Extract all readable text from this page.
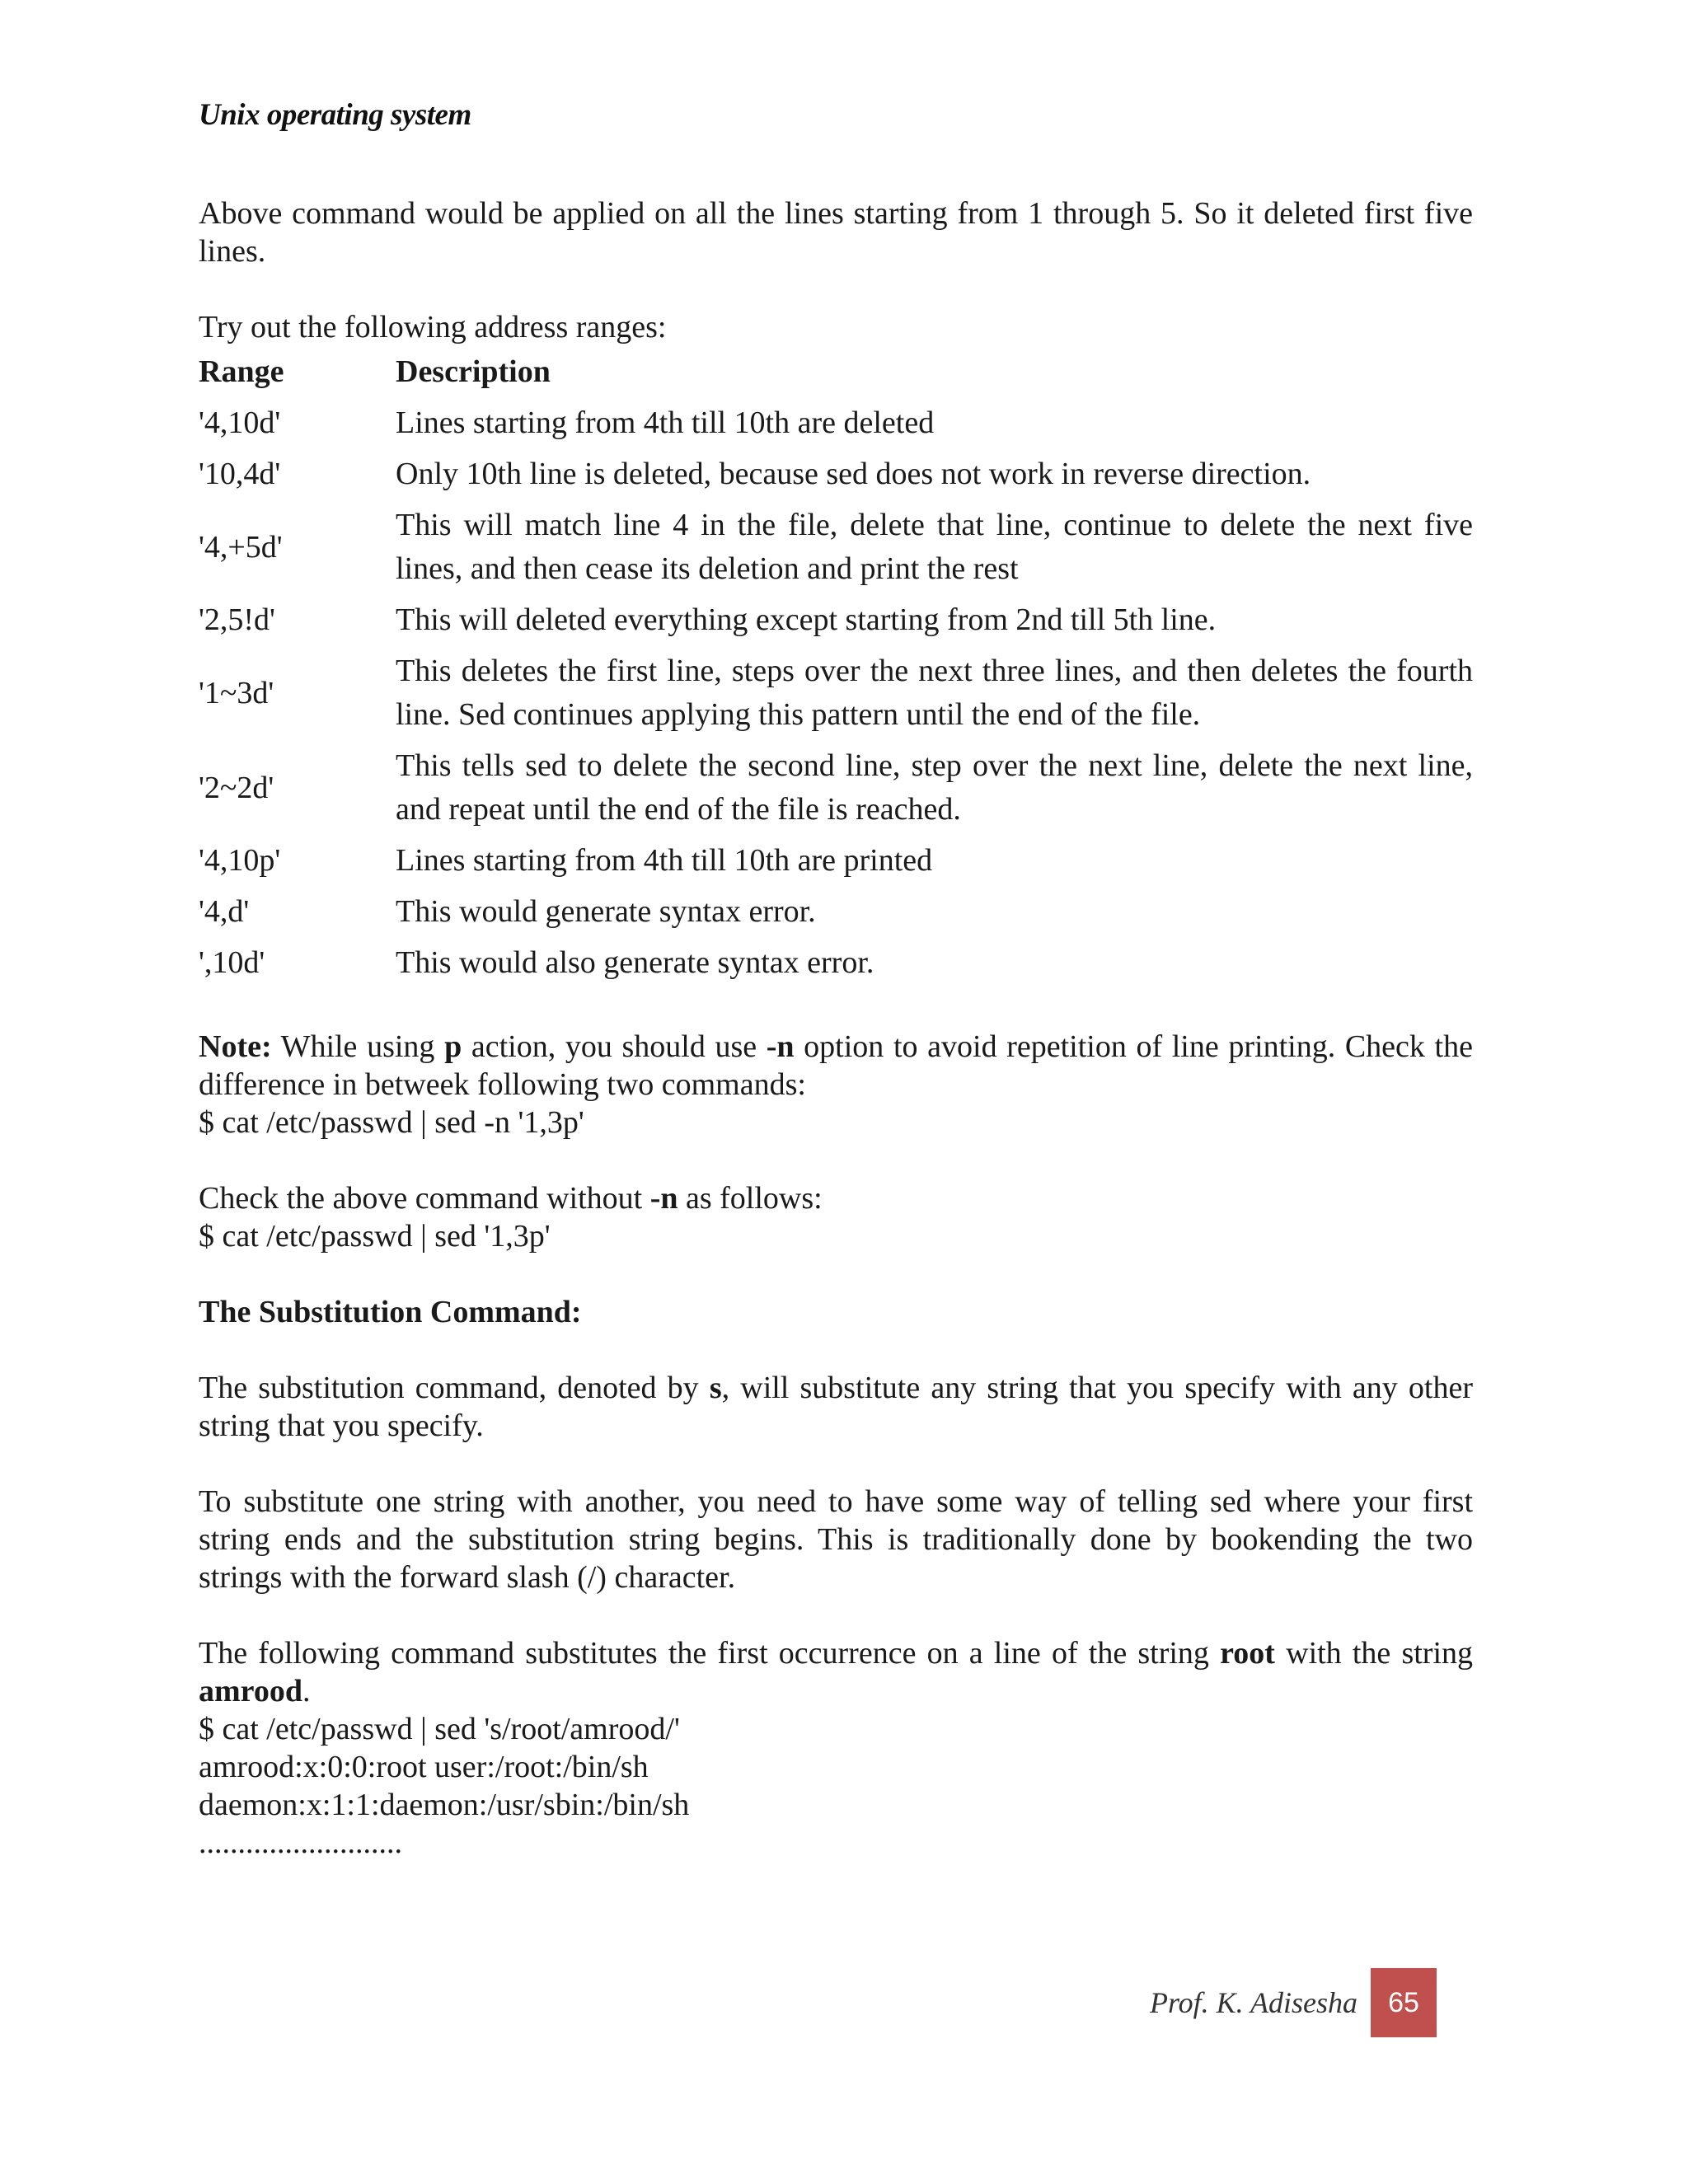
Unix operating system

Above command would be applied on all the lines starting from 1 through 5. So it deleted first five lines.

Try out the following address ranges:

Range	Description
'4,10d'	Lines starting from 4th till 10th are deleted
'10,4d'	Only 10th line is deleted, because sed does not work in reverse direction.
'4,+5d'	This will match line 4 in the file, delete that line, continue to delete the next five lines, and then cease its deletion and print the rest
'2,5!d'	This will deleted everything except starting from 2nd till 5th line.
'1~3d'	This deletes the first line, steps over the next three lines, and then deletes the fourth line. Sed continues applying this pattern until the end of the file.
'2~2d'	This tells sed to delete the second line, step over the next line, delete the next line, and repeat until the end of the file is reached.
'4,10p'	Lines starting from 4th till 10th are printed
'4,d'	This would generate syntax error.
',10d'	This would also generate syntax error.

Note: While using p action, you should use -n option to avoid repetition of line printing. Check the difference in betweek following two commands:

$ cat /etc/passwd | sed -n '1,3p'

Check the above command without -n as follows:

$ cat /etc/passwd | sed '1,3p'

The Substitution Command:

The substitution command, denoted by s, will substitute any string that you specify with any other string that you specify.

To substitute one string with another, you need to have some way of telling sed where your first string ends and the substitution string begins. This is traditionally done by bookending the two strings with the forward slash (/) character.

The following command substitutes the first occurrence on a line of the string root with the string amrood.

$ cat /etc/passwd | sed 's/root/amrood/'

amrood:x:0:0:root user:/root:/bin/sh

daemon:x:1:1:daemon:/usr/sbin:/bin/sh

..........................

Prof. K. Adisesha	65
